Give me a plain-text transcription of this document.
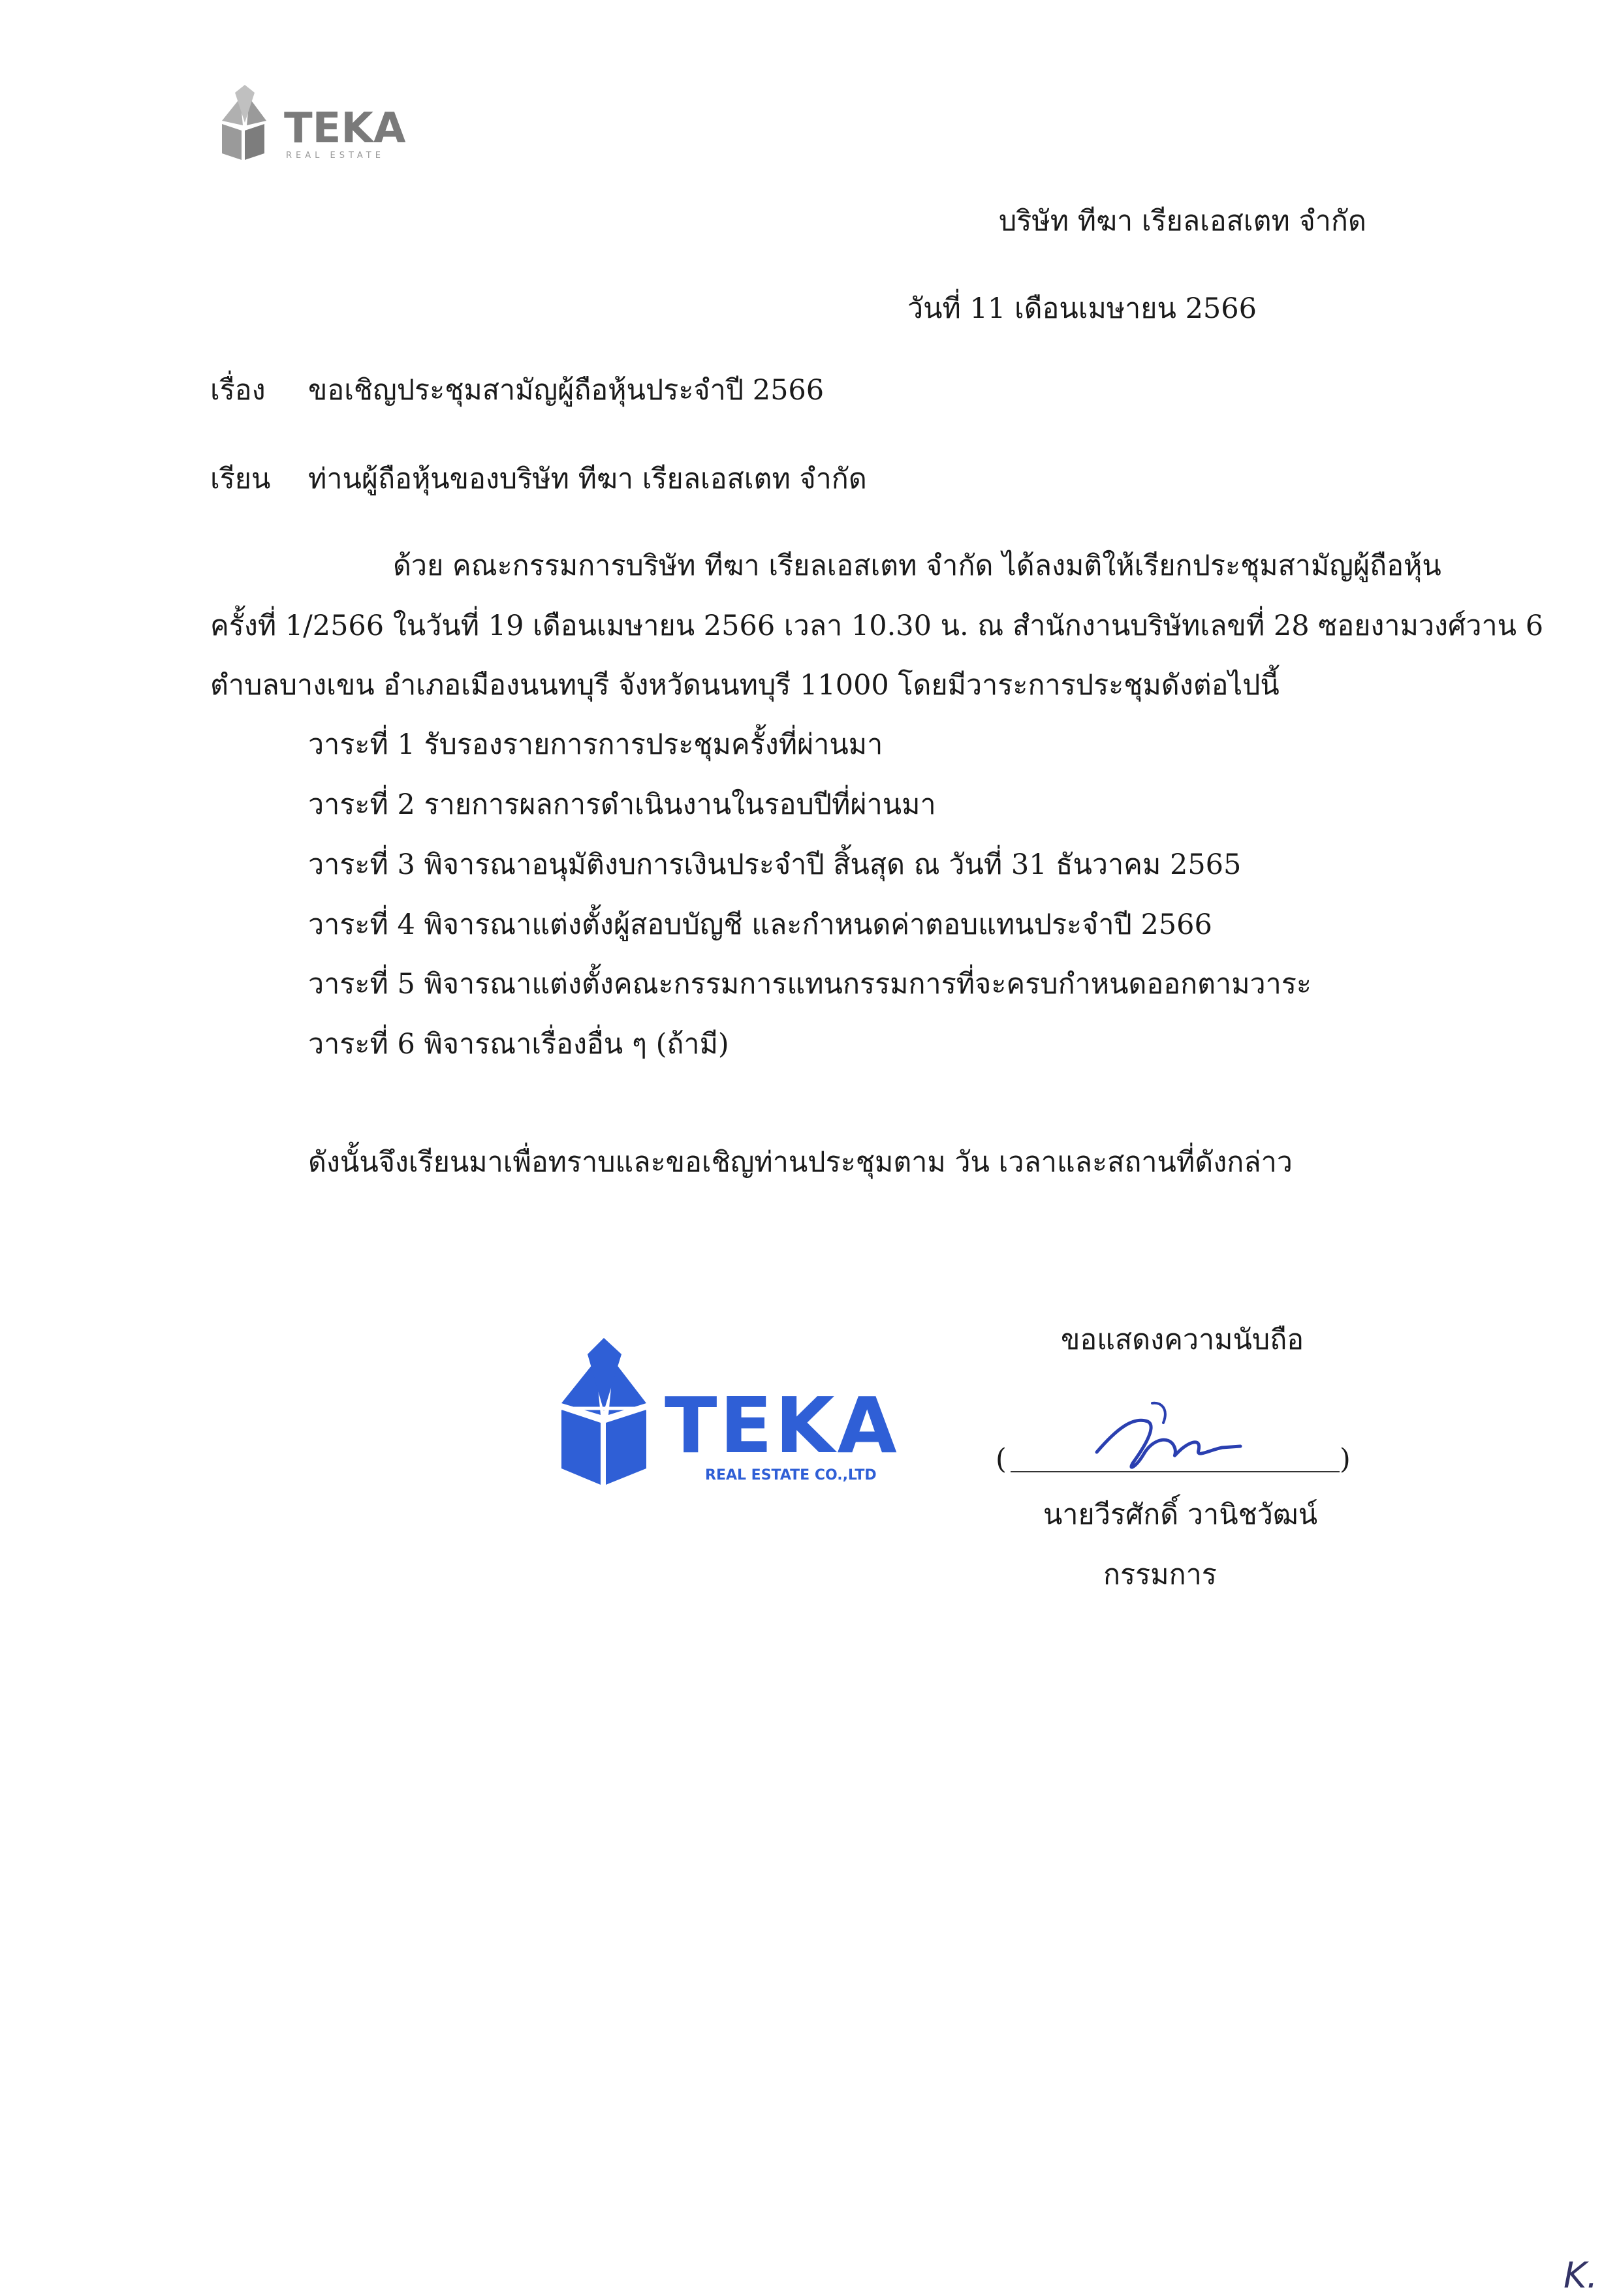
TEKA
REAL ESTATE
บริษัท ทีฆา เรียลเอสเตท จำกัด
วันที่ 11 เดือนเมษายน 2566
เรื่อง ขอเชิญประชุมสามัญผู้ถือหุ้นประจำปี 2566
เรียน ท่านผู้ถือหุ้นของบริษัท ทีฆา เรียลเอสเตท จำกัด
ด้วย คณะกรรมการบริษัท ทีฆา เรียลเอสเตท จำกัด ได้ลงมติให้เรียกประชุมสามัญผู้ถือหุ้น
ครั้งที่ 1/2566 ในวันที่ 19 เดือนเมษายน 2566 เวลา 10.30 น. ณ สำนักงานบริษัทเลขที่ 28 ซอยงามวงศ์วาน 6
ตำบลบางเขน อำเภอเมืองนนทบุรี จังหวัดนนทบุรี 11000 โดยมีวาระการประชุมดังต่อไปนี้
วาระที่ 1 รับรองรายการการประชุมครั้งที่ผ่านมา
วาระที่ 2 รายการผลการดำเนินงานในรอบปีที่ผ่านมา
วาระที่ 3 พิจารณาอนุมัติงบการเงินประจำปี สิ้นสุด ณ วันที่ 31 ธันวาคม 2565
วาระที่ 4 พิจารณาแต่งตั้งผู้สอบบัญชี และกำหนดค่าตอบแทนประจำปี 2566
วาระที่ 5 พิจารณาแต่งตั้งคณะกรรมการแทนกรรมการที่จะครบกำหนดออกตามวาระ
วาระที่ 6 พิจารณาเรื่องอื่น ๆ (ถ้ามี)
ดังนั้นจึงเรียนมาเพื่อทราบและขอเชิญท่านประชุมตาม วัน เวลาและสถานที่ดังกล่าว
ขอแสดงความนับถือ
(	)
นายวีรศักดิ์ วานิชวัฒน์
กรรมการ
TEKA
REAL ESTATE CO.,LTD
K.
